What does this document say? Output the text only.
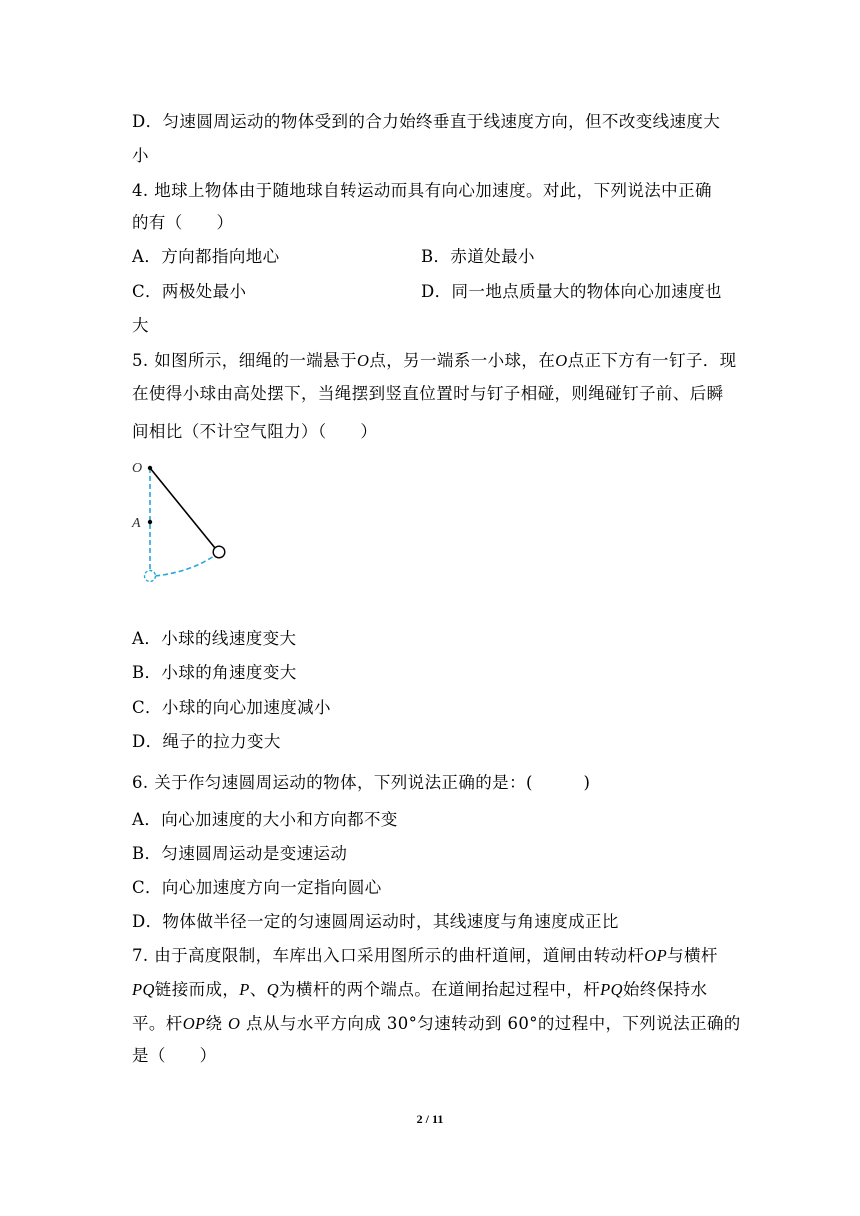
D．匀速圆周运动的物体受到的合力始终垂直于线速度方向，但不改变线速度大
小
4. 地球上物体由于随地球自转运动而具有向心加速度。对此，下列说法中正确
的有（　　）
A．方向都指向地心	B．赤道处最小
C．两极处最小	D．同一地点质量大的物体向心加速度也
大
5. 如图所示，细绳的一端悬于O点，另一端系一小球，在O点正下方有一钉子．现
在使得小球由高处摆下，当绳摆到竖直位置时与钉子相碰，则绳碰钉子前、后瞬
间相比（不计空气阻力）（　　）
O
A
A．小球的线速度变大
B．小球的角速度变大
C．小球的向心加速度减小
D．绳子的拉力变大
6. 关于作匀速圆周运动的物体，下列说法正确的是：(　　　)
A．向心加速度的大小和方向都不变
B．匀速圆周运动是变速运动
C．向心加速度方向一定指向圆心
D．物体做半径一定的匀速圆周运动时，其线速度与角速度成正比
7. 由于高度限制，车库出入口采用图所示的曲杆道闸，道闸由转动杆OP与横杆
PQ链接而成，P、Q为横杆的两个端点。在道闸抬起过程中，杆PQ始终保持水
平。杆OP绕 O 点从与水平方向成 30°匀速转动到 60°的过程中，下列说法正确的
是（　　）
2 / 11
